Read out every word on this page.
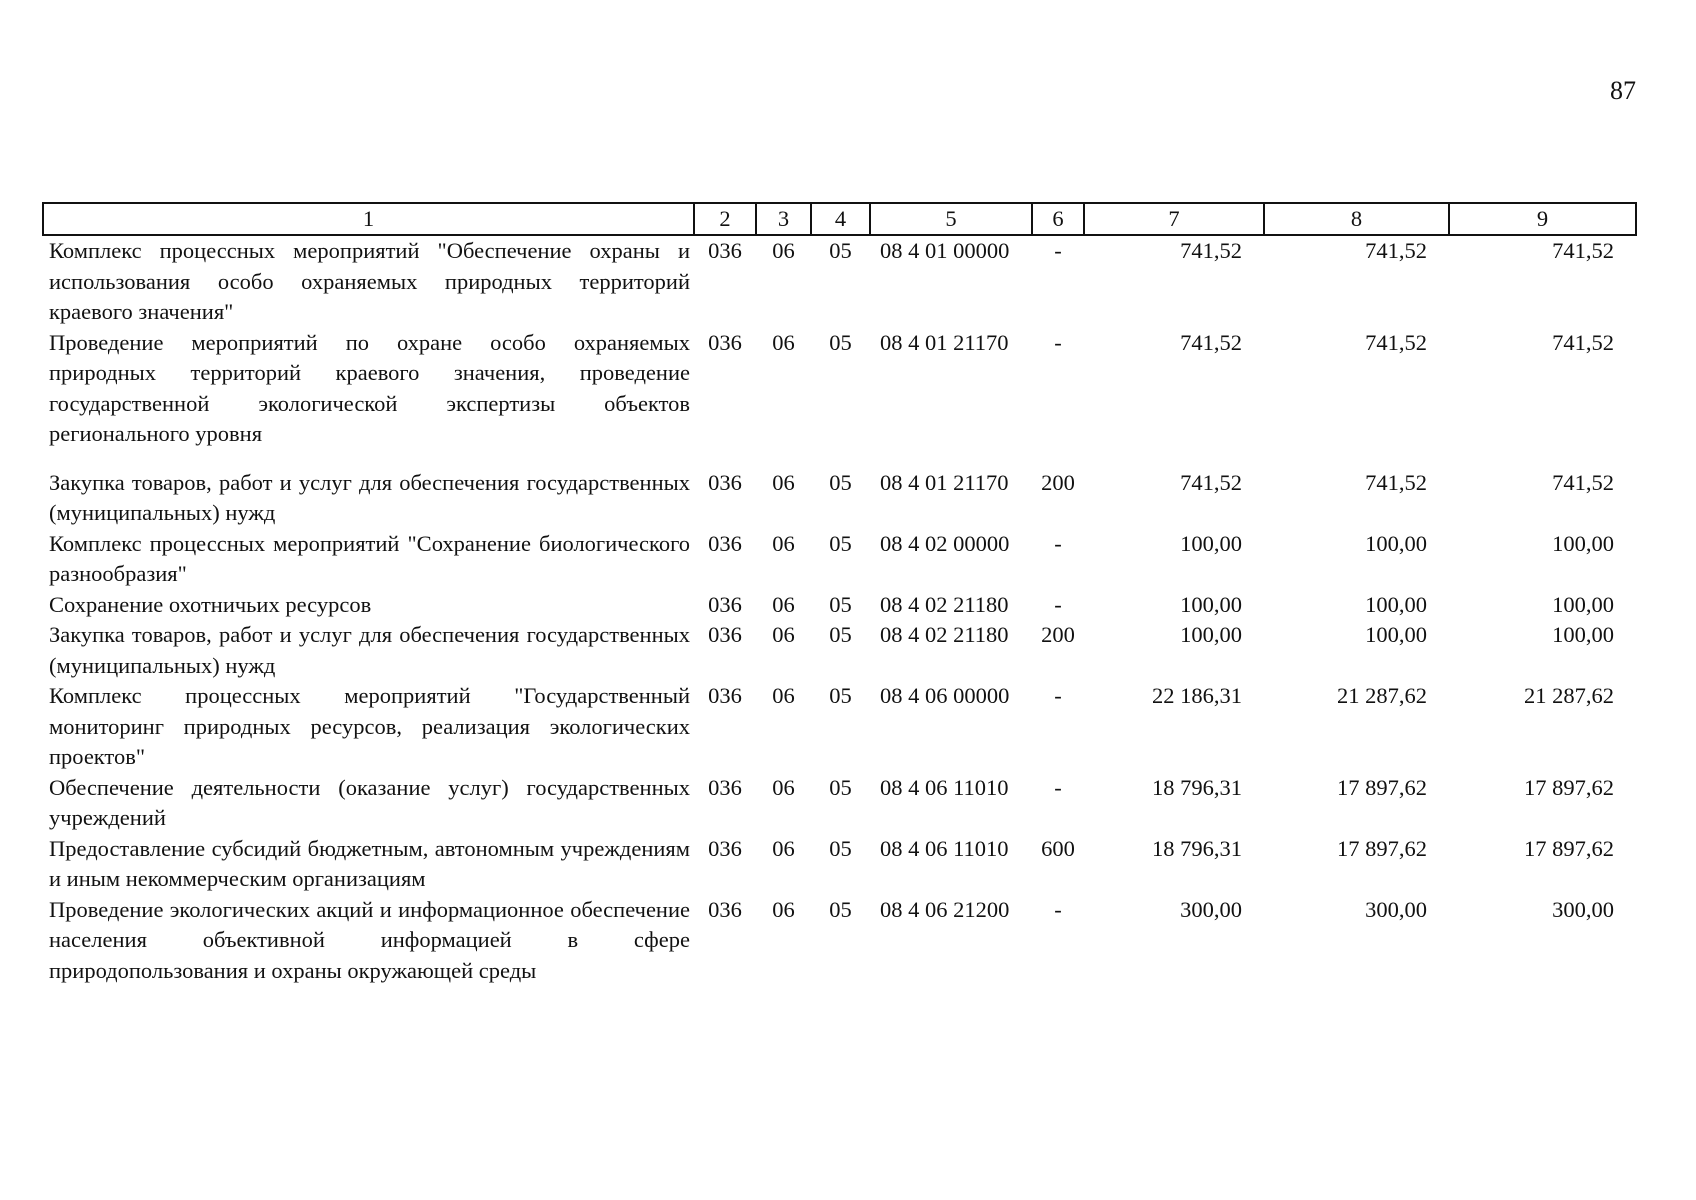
87
1	2	3	4	5	6	7	8	9
Комплекс процессных мероприятий "Обеспечение охраны и использования особо охраняемых природных территорий краевого значения"	036	06	05	08 4 01 00000	-	741,52	741,52	741,52
Проведение мероприятий по охране особо охраняемых природных территорий краевого значения, проведение государственной экологической экспертизы объектов регионального уровня	036	06	05	08 4 01 21170	-	741,52	741,52	741,52
Закупка товаров, работ и услуг для обеспечения государственных (муниципальных) нужд	036	06	05	08 4 01 21170	200	741,52	741,52	741,52
Комплекс процессных мероприятий "Сохранение биологического разнообразия"	036	06	05	08 4 02 00000	-	100,00	100,00	100,00
Сохранение охотничьих ресурсов	036	06	05	08 4 02 21180	-	100,00	100,00	100,00
Закупка товаров, работ и услуг для обеспечения государственных (муниципальных) нужд	036	06	05	08 4 02 21180	200	100,00	100,00	100,00
Комплекс процессных мероприятий "Государственный мониторинг природных ресурсов, реализация экологических проектов"	036	06	05	08 4 06 00000	-	22 186,31	21 287,62	21 287,62
Обеспечение деятельности (оказание услуг) государственных учреждений	036	06	05	08 4 06 11010	-	18 796,31	17 897,62	17 897,62
Предоставление субсидий бюджетным, автономным учреждениям и иным некоммерческим организациям	036	06	05	08 4 06 11010	600	18 796,31	17 897,62	17 897,62
Проведение экологических акций и информационное обеспечение населения объективной информацией в сфере природопользования и охраны окружающей среды	036	06	05	08 4 06 21200	-	300,00	300,00	300,00
